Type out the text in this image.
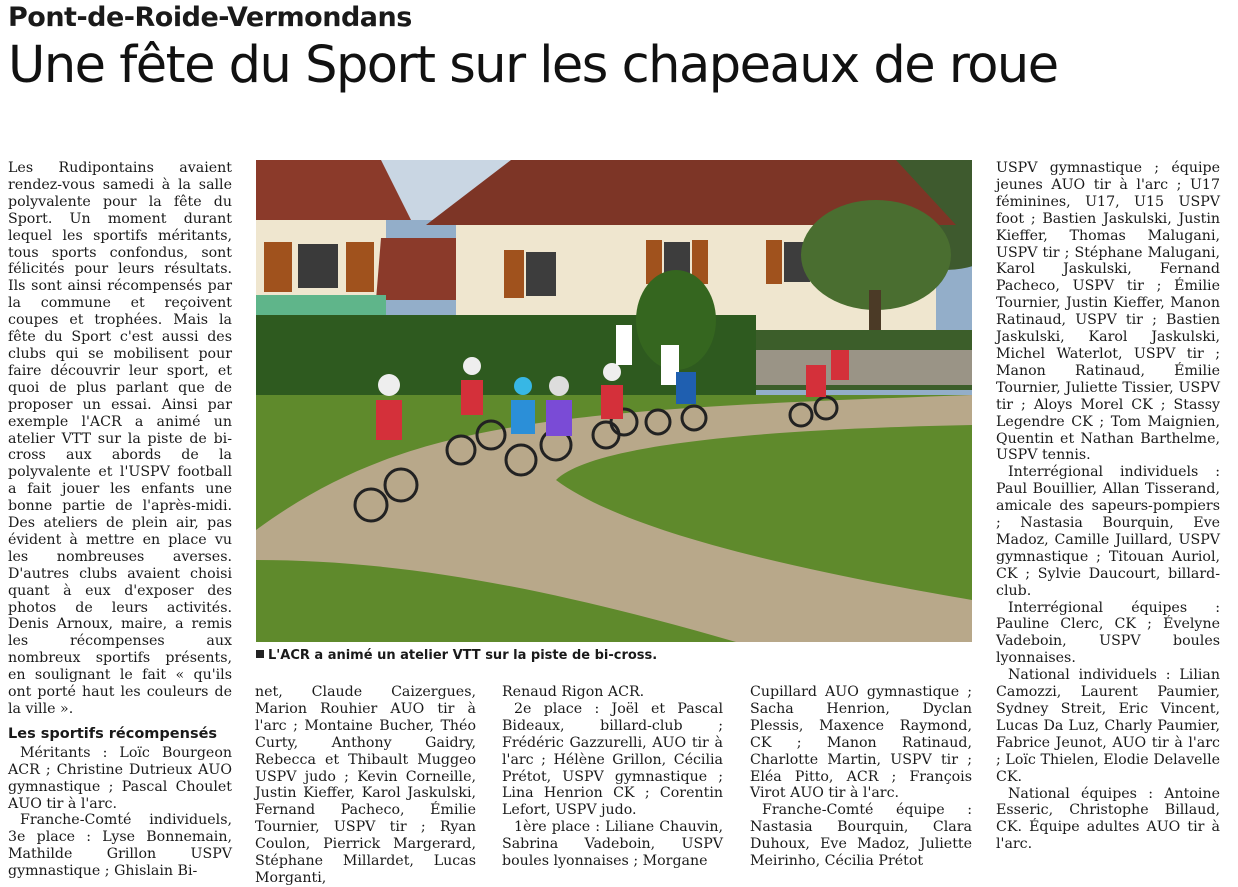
Pont-de-Roide-Vermondans
Une fête du Sport sur les chapeaux de roue

Les Rudipontains avaient rendez-vous samedi à la salle polyvalente pour la fête du Sport. Un moment durant lequel les sportifs méritants, tous sports confondus, sont félicités pour leurs résultats. Ils sont ainsi récompensés par la commune et reçoivent coupes et trophées. Mais la fête du Sport c'est aussi des clubs qui se mobilisent pour faire découvrir leur sport, et quoi de plus parlant que de proposer un essai. Ainsi par exemple l'ACR a animé un atelier VTT sur la piste de bi-cross aux abords de la polyvalente et l'USPV football a fait jouer les enfants une bonne partie de l'après-midi. Des ateliers de plein air, pas évident à mettre en place vu les nombreuses averses. D'autres clubs avaient choisi quant à eux d'exposer des photos de leurs activités. Denis Arnoux, maire, a remis les récompenses aux nombreux sportifs présents, en soulignant le fait « qu'ils ont porté haut les couleurs de la ville ».

Les sportifs récompensés

Méritants : Loïc Bourgeon ACR ; Christine Dutrieux AUO gymnastique ; Pascal Choulet AUO tir à l'arc.

Franche-Comté individuels, 3e place : Lyse Bonnemain, Mathilde Grillon USPV gymnastique ; Ghislain Bi-

L'ACR a animé un atelier VTT sur la piste de bi-cross.

net, Claude Caizergues, Marion Rouhier AUO tir à l'arc ; Montaine Bucher, Théo Curty, Anthony Gaidry, Rebecca et Thibault Muggeo USPV judo ; Kevin Corneille, Justin Kieffer, Karol Jaskulski, Fernand Pacheco, Émilie Tournier, USPV tir ; Ryan Coulon, Pierrick Margerard, Stéphane Millardet, Lucas Morganti,

Renaud Rigon ACR.

2e place : Joël et Pascal Bideaux, billard-club ; Frédéric Gazzurelli, AUO tir à l'arc ; Hélène Grillon, Cécilia Prétot, USPV gymnastique ; Lina Henrion CK ; Corentin Lefort, USPV judo.

1ère place : Liliane Chauvin, Sabrina Vadeboin, USPV boules lyonnaises ; Morgane

Cupillard AUO gymnastique ; Sacha Henrion, Dyclan Plessis, Maxence Raymond, CK ; Manon Ratinaud, Charlotte Martin, USPV tir ; Eléa Pitto, ACR ; François Virot AUO tir à l'arc.

Franche-Comté équipe : Nastasia Bourquin, Clara Duhoux, Eve Madoz, Juliette Meirinho, Cécilia Prétot

USPV gymnastique ; équipe jeunes AUO tir à l'arc ; U17 féminines, U17, U15 USPV foot ; Bastien Jaskulski, Justin Kieffer, Thomas Malugani, USPV tir ; Stéphane Malugani, Karol Jaskulski, Fernand Pacheco, USPV tir ; Émilie Tournier, Justin Kieffer, Manon Ratinaud, USPV tir ; Bastien Jaskulski, Karol Jaskulski, Michel Waterlot, USPV tir ; Manon Ratinaud, Émilie Tournier, Juliette Tissier, USPV tir ; Aloys Morel CK ; Stassy Legendre CK ; Tom Maignien, Quentin et Nathan Barthelme, USPV tennis.

Interrégional individuels : Paul Bouillier, Allan Tisserand, amicale des sapeurs-pompiers ; Nastasia Bourquin, Eve Madoz, Camille Juillard, USPV gymnastique ; Titouan Auriol, CK ; Sylvie Daucourt, billard-club.

Interrégional équipes : Pauline Clerc, CK ; Évelyne Vadeboin, USPV boules lyonnaises.

National individuels : Lilian Camozzi, Laurent Paumier, Sydney Streit, Eric Vincent, Lucas Da Luz, Charly Paumier, Fabrice Jeunot, AUO tir à l'arc ; Loïc Thielen, Elodie Delavelle CK.

National équipes : Antoine Esseric, Christophe Billaud, CK. Équipe adultes AUO tir à l'arc.
